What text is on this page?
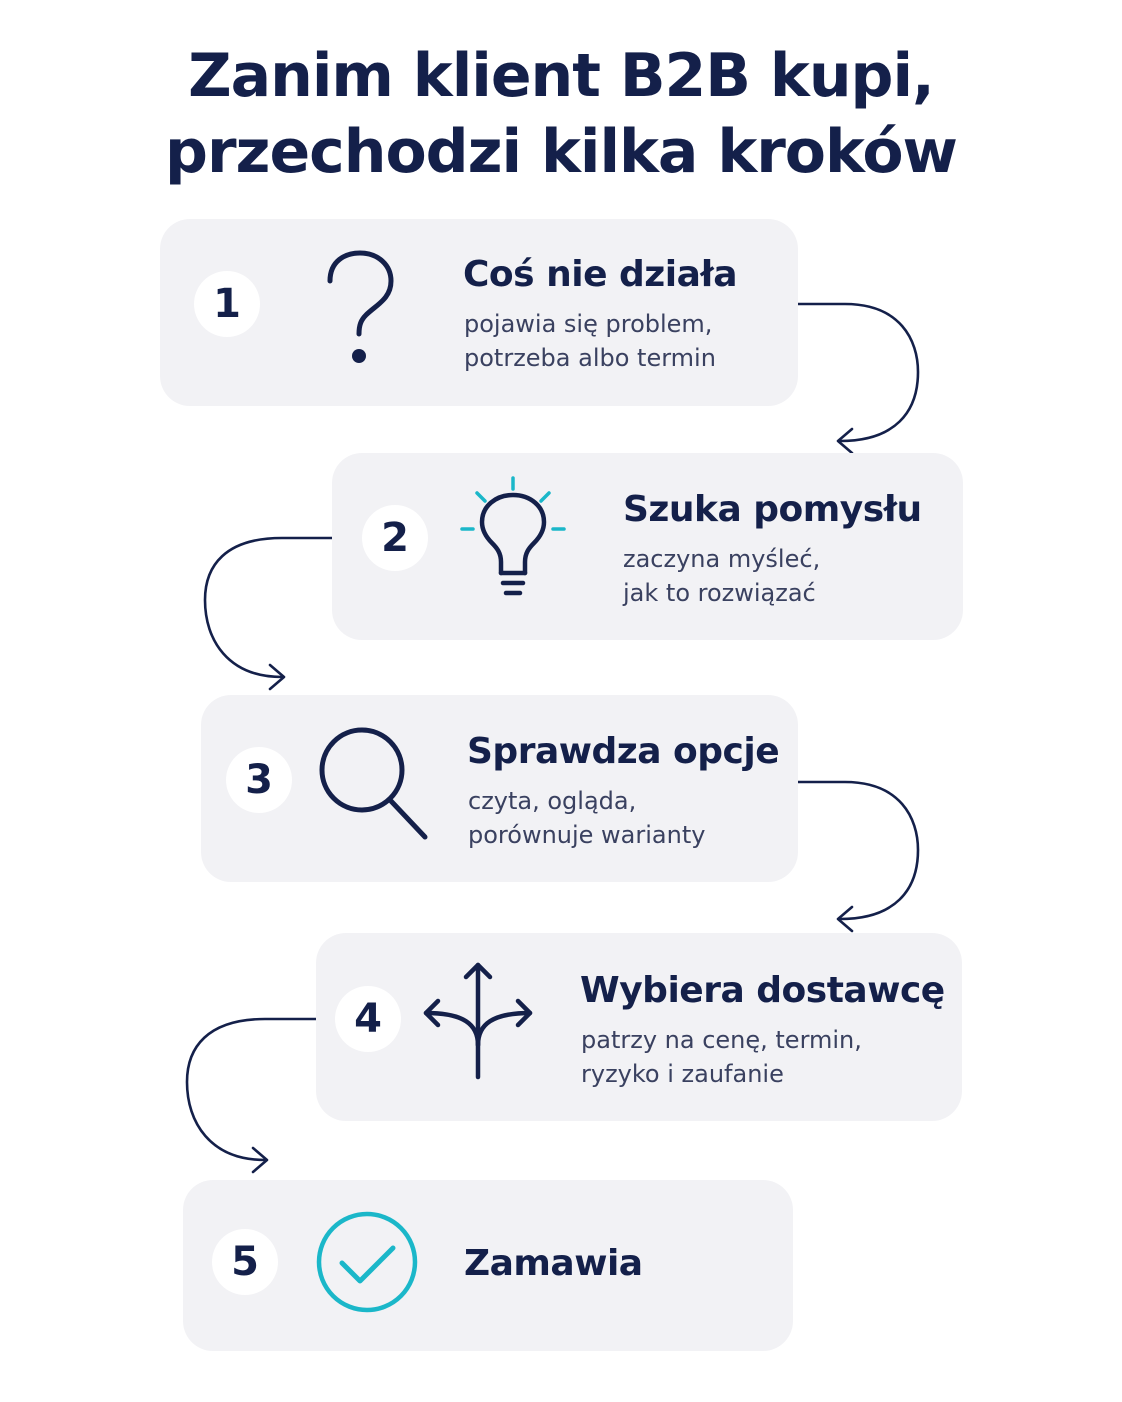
Zanim klient B2B kupi,
przechodzi kilka kroków
1
Coś nie działa
pojawia się problem,
potrzeba albo termin
2
Szuka pomysłu
zaczyna myśleć,
jak to rozwiązać
3
Sprawdza opcje
czyta, ogląda,
porównuje warianty
4
Wybiera dostawcę
patrzy na cenę, termin,
ryzyko i zaufanie
5	Zamawia
